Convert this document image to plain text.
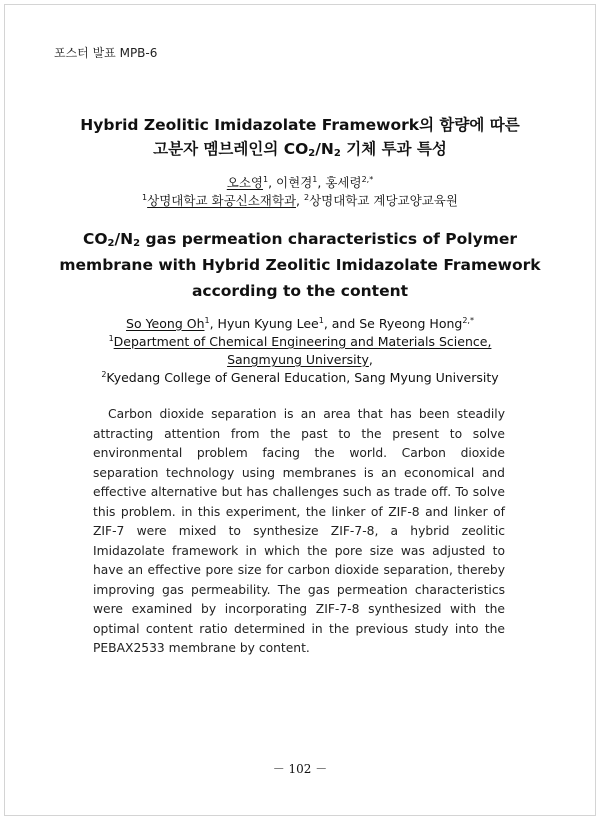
포스터 발표 MPB-6
Hybrid Zeolitic Imidazolate Framework의 함량에 따른
고분자 멤브레인의 $CO_2/N_2$ 기체 투과 특성
오소영$^1$, 이현경$^1$, 홍세령$^{2,*}$
$^1$상명대학교 화공신소재학과, $^2$상명대학교 계당교양교육원
$CO_2/N_2$ gas permeation characteristics of Polymer
membrane with Hybrid Zeolitic Imidazolate Framework
according to the content
So Yeong Oh$^1$, Hyun Kyung Lee$^1$, and Se Ryeong Hong$^{2,*}$
$^1$Department of Chemical Engineering and Materials Science,
Sangmyung University,
$^2$Kyedang College of General Education, Sang Myung University
Carbon dioxide separation is an area that has been steadily attracting attention from the past to the present to solve environmental problem facing the world. Carbon dioxide separation technology using membranes is an economical and effective alternative but has challenges such as trade off. To solve this problem. in this experiment, the linker of ZIF-8 and linker of ZIF-7 were mixed to synthesize ZIF-7-8, a hybrid zeolitic Imidazolate framework in which the pore size was adjusted to have an effective pore size for carbon dioxide separation, thereby improving gas permeability. The gas permeation characteristics were examined by incorporating ZIF-7-8 synthesized with the optimal content ratio determined in the previous study into the PEBAX2533 membrane by content.
－ 102 －
